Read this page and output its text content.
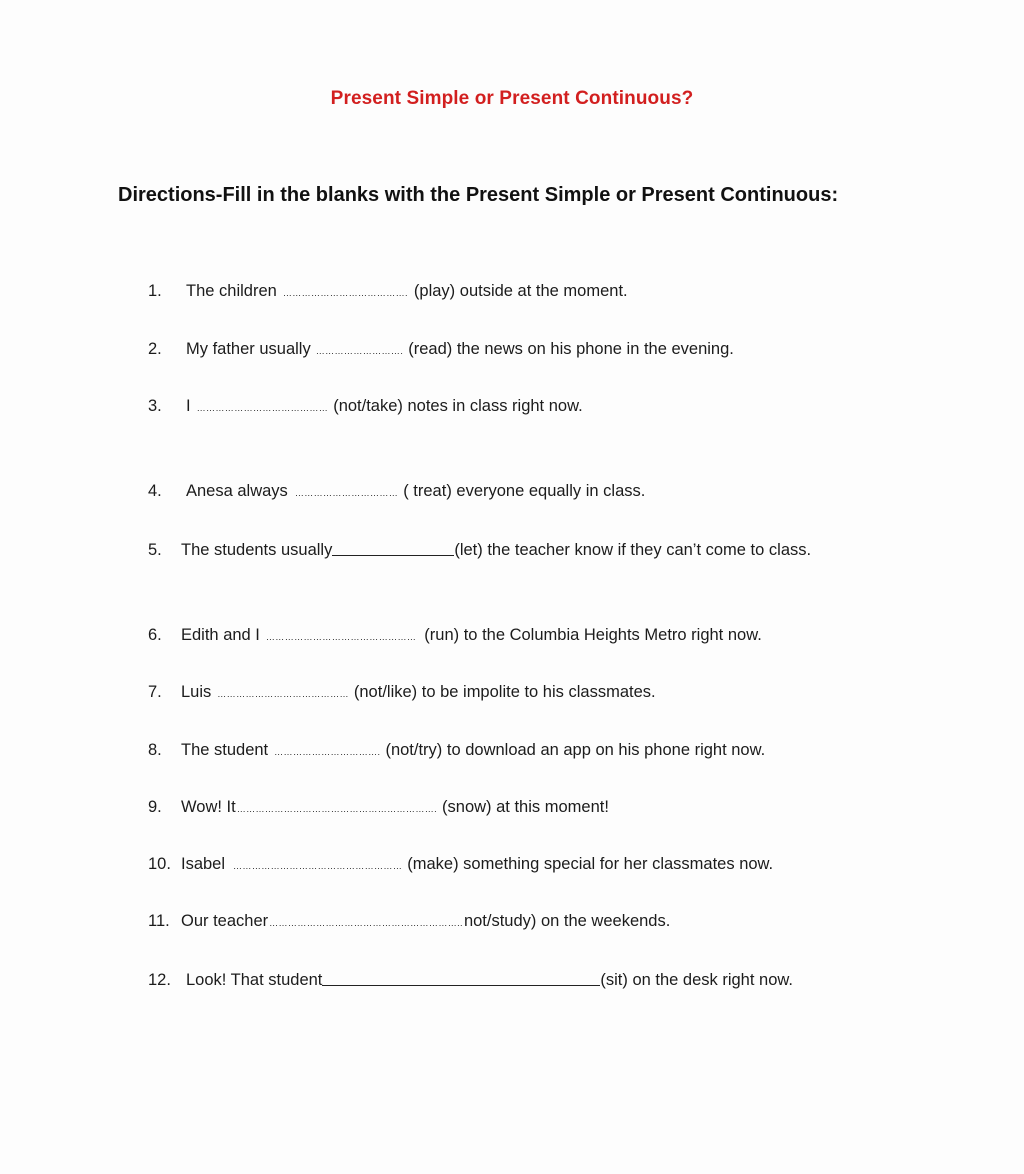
Present Simple or Present Continuous?
Directions-Fill in the blanks with the Present Simple or Present Continuous:
1.	The children …………………………………. (play) outside at the moment.
2.	My father usually ………………………. (read) the news on his phone in the evening.
3.	I …………………………………… (not/take) notes in class right now.
4.	Anesa always …………………………… ( treat) everyone equally in class.
5.	The students usually	(let) the teacher know if they can’t come to class.
6.	Edith and I ………………………………………… (run) to the Columbia Heights Metro right now.
7.	Luis …………………………………… (not/like) to be impolite to his classmates.
8.	The student ……………………………. (not/try) to download an app on his phone right now.
9.	Wow! It ………………………………………………………. (snow) at this moment!
10. Isabel ……………………………………………… (make) something special for her classmates now.
11. Our teacher …………………………………………………….. not/study) on the weekends.
12. Look! That student	(sit) on the desk right now.
